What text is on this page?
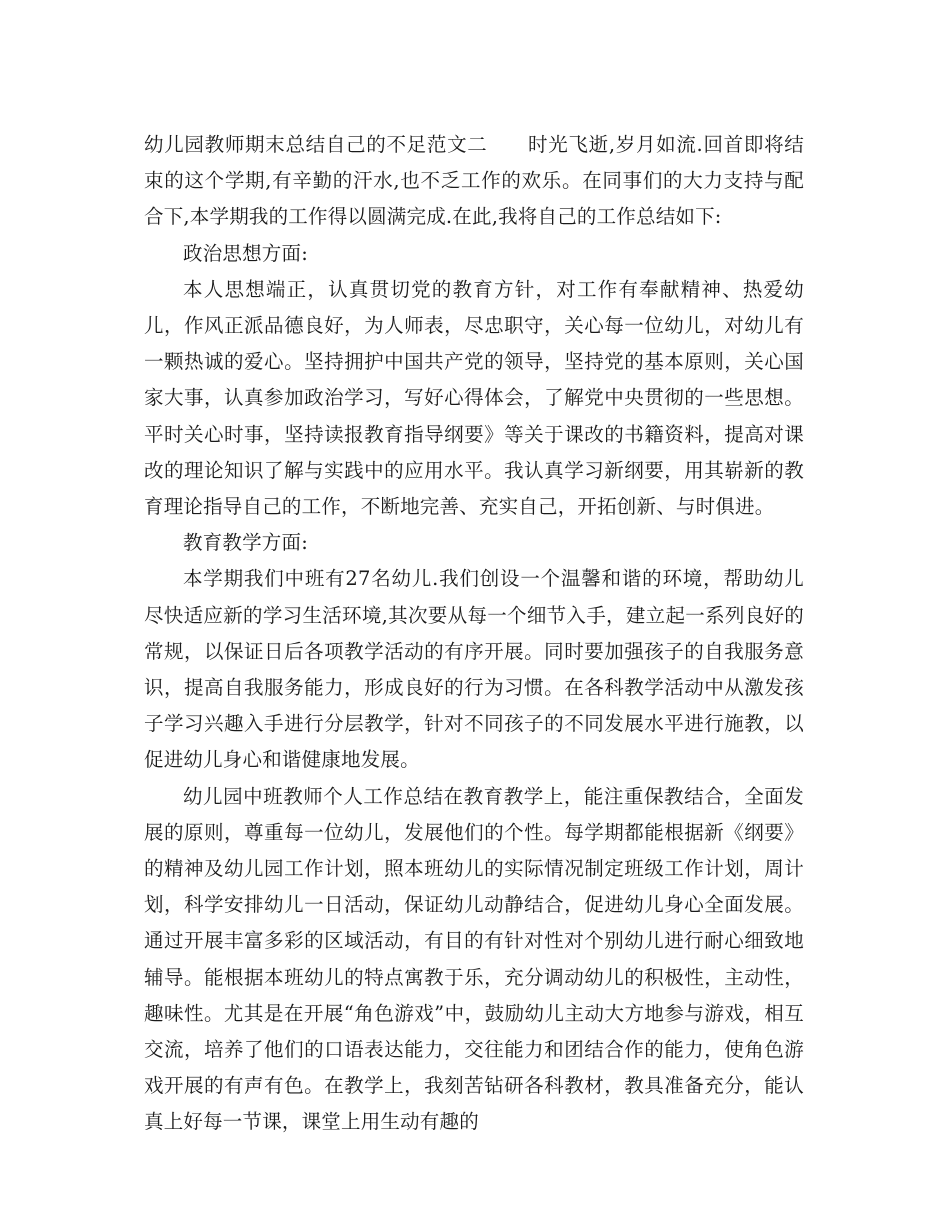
幼儿园教师期末总结自己的不足范文二 时光飞逝,岁月如流.回首即将结束的这个学期,有辛勤的汗水,也不乏工作的欢乐。在同事们的大力支持与配合下,本学期我的工作得以圆满完成.在此,我将自己的工作总结如下:

政治思想方面:

本人思想端正，认真贯切党的教育方针，对工作有奉献精神、热爱幼儿，作风正派品德良好，为人师表，尽忠职守，关心每一位幼儿，对幼儿有一颗热诚的爱心。坚持拥护中国共产党的领导，坚持党的基本原则，关心国家大事，认真参加政治学习，写好心得体会，了解党中央贯彻的一些思想。平时关心时事，坚持读报教育指导纲要》等关于课改的书籍资料，提高对课改的理论知识了解与实践中的应用水平。我认真学习新纲要，用其崭新的教育理论指导自己的工作，不断地完善、充实自己，开拓创新、与时俱进。

教育教学方面:

本学期我们中班有27名幼儿.我们创设一个温馨和谐的环境，帮助幼儿尽快适应新的学习生活环境,其次要从每一个细节入手，建立起一系列良好的常规，以保证日后各项教学活动的有序开展。同时要加强孩子的自我服务意识，提高自我服务能力，形成良好的行为习惯。在各科教学活动中从激发孩子学习兴趣入手进行分层教学，针对不同孩子的不同发展水平进行施教，以促进幼儿身心和谐健康地发展。

幼儿园中班教师个人工作总结在教育教学上，能注重保教结合，全面发展的原则，尊重每一位幼儿，发展他们的个性。每学期都能根据新《纲要》的精神及幼儿园工作计划，照本班幼儿的实际情况制定班级工作计划，周计划，科学安排幼儿一日活动，保证幼儿动静结合，促进幼儿身心全面发展。通过开展丰富多彩的区域活动，有目的有针对性对个别幼儿进行耐心细致地辅导。能根据本班幼儿的特点寓教于乐，充分调动幼儿的积极性，主动性，趣味性。尤其是在开展“角色游戏”中，鼓励幼儿主动大方地参与游戏，相互交流，培养了他们的口语表达能力，交往能力和团结合作的能力，使角色游戏开展的有声有色。在教学上，我刻苦钻研各科教材，教具准备充分，能认真上好每一节课，课堂上用生动有趣的
